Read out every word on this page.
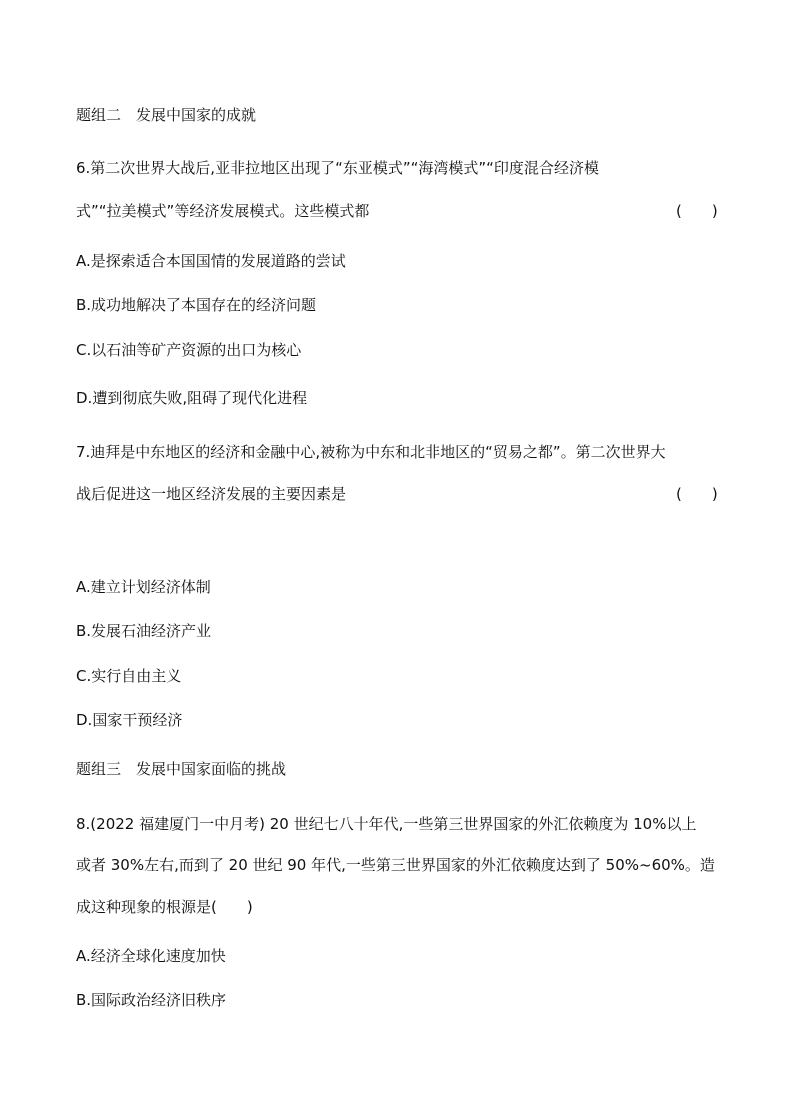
题组二　发展中国家的成就
6.第二次世界大战后,亚非拉地区出现了“东亚模式”“海湾模式”“印度混合经济模
式”“拉美模式”等经济发展模式。这些模式都	(　　)
A.是探索适合本国国情的发展道路的尝试
B.成功地解决了本国存在的经济问题
C.以石油等矿产资源的出口为核心
D.遭到彻底失败,阻碍了现代化进程
7.迪拜是中东地区的经济和金融中心,被称为中东和北非地区的“贸易之都”。第二次世界大
战后促进这一地区经济发展的主要因素是	(　　)
A.建立计划经济体制
B.发展石油经济产业
C.实行自由主义
D.国家干预经济
题组三　发展中国家面临的挑战
8.(2022 福建厦门一中月考) 20 世纪七八十年代,一些第三世界国家的外汇依赖度为 10%以上
或者 30%左右,而到了 20 世纪 90 年代,一些第三世界国家的外汇依赖度达到了 50%~60%。造
成这种现象的根源是(　　)
A.经济全球化速度加快
B.国际政治经济旧秩序
